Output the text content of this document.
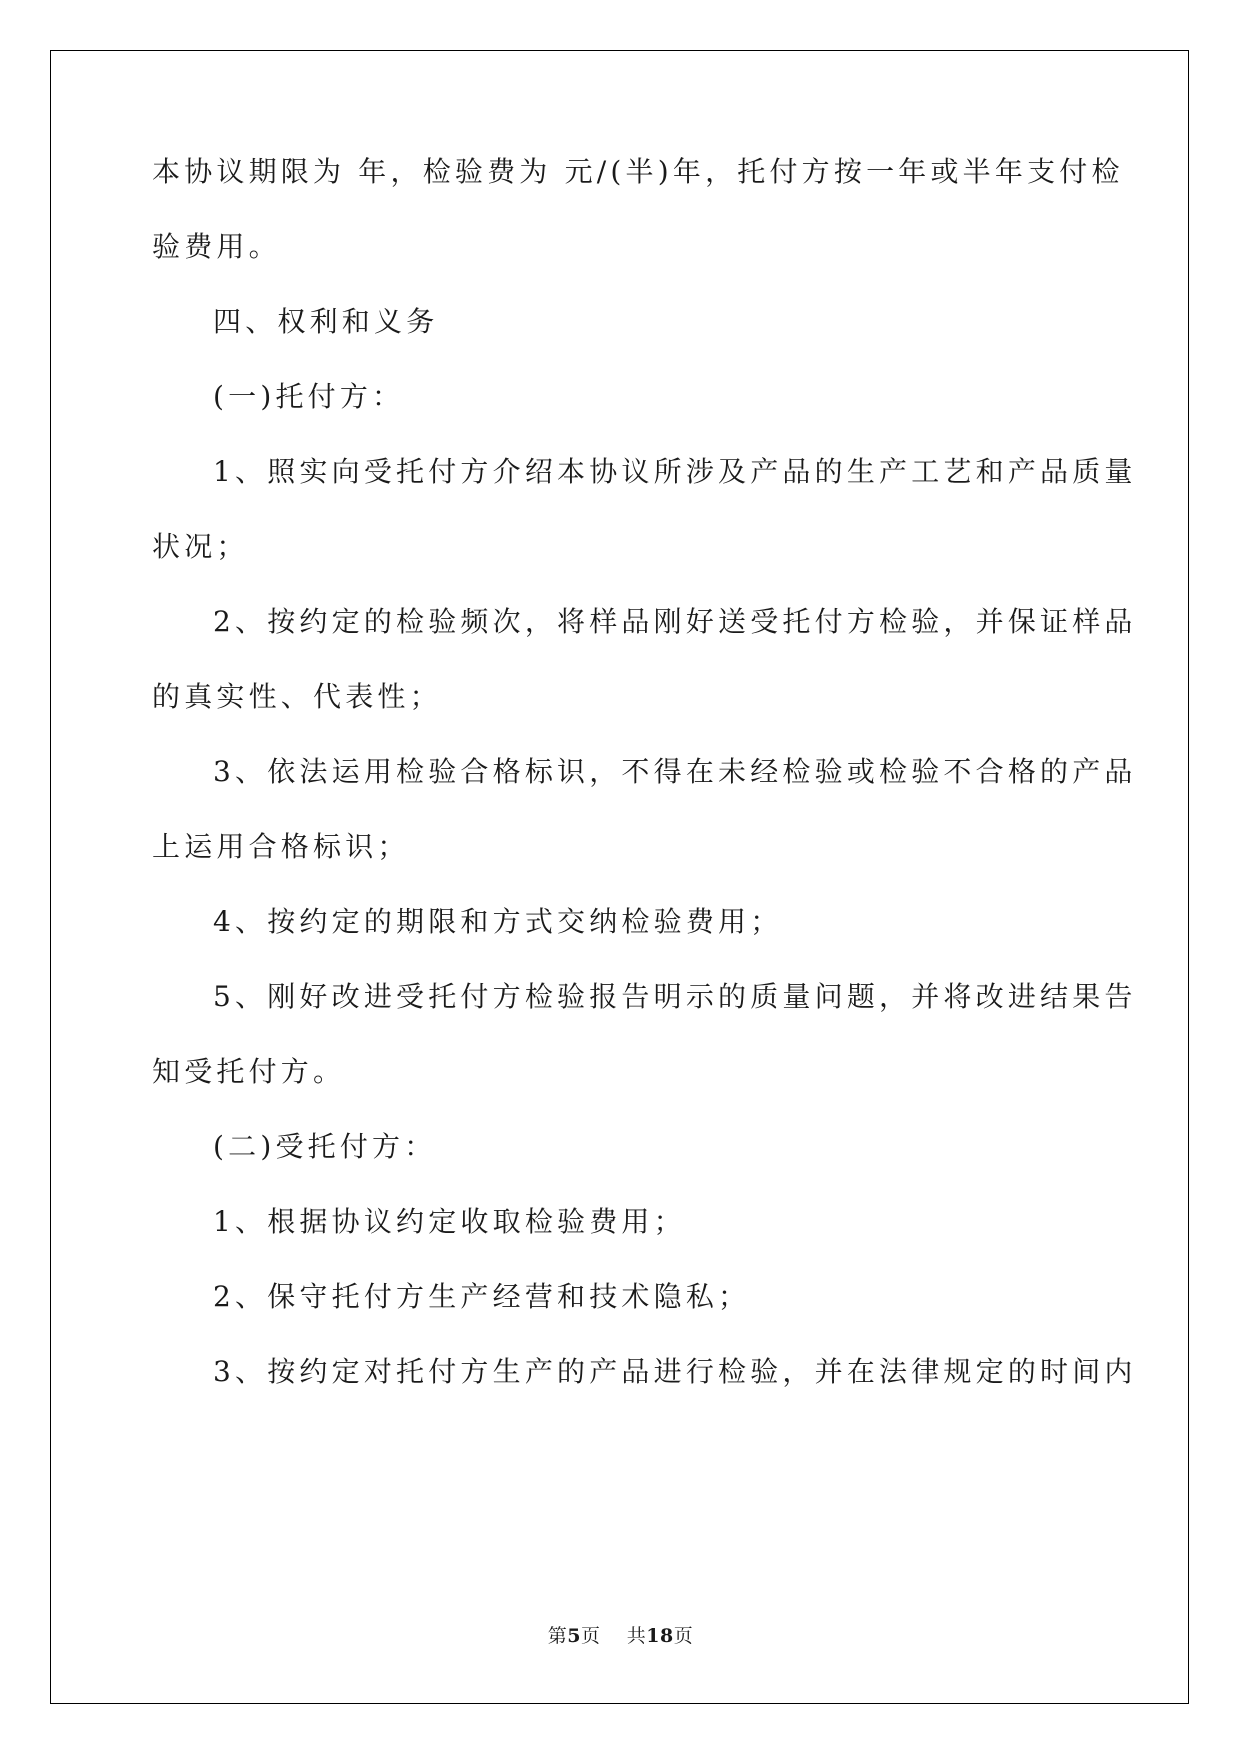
本协议期限为 年，检验费为 元/(半)年，托付方按一年或半年支付检
验费用。
四、权利和义务
(一)托付方：
1、照实向受托付方介绍本协议所涉及产品的生产工艺和产品质量
状况；
2、按约定的检验频次，将样品刚好送受托付方检验，并保证样品
的真实性、代表性；
3、依法运用检验合格标识，不得在未经检验或检验不合格的产品
上运用合格标识；
4、按约定的期限和方式交纳检验费用；
5、刚好改进受托付方检验报告明示的质量问题，并将改进结果告
知受托付方。
(二)受托付方：
1、根据协议约定收取检验费用；
2、保守托付方生产经营和技术隐私；
3、按约定对托付方生产的产品进行检验，并在法律规定的时间内
第5页 共18页
